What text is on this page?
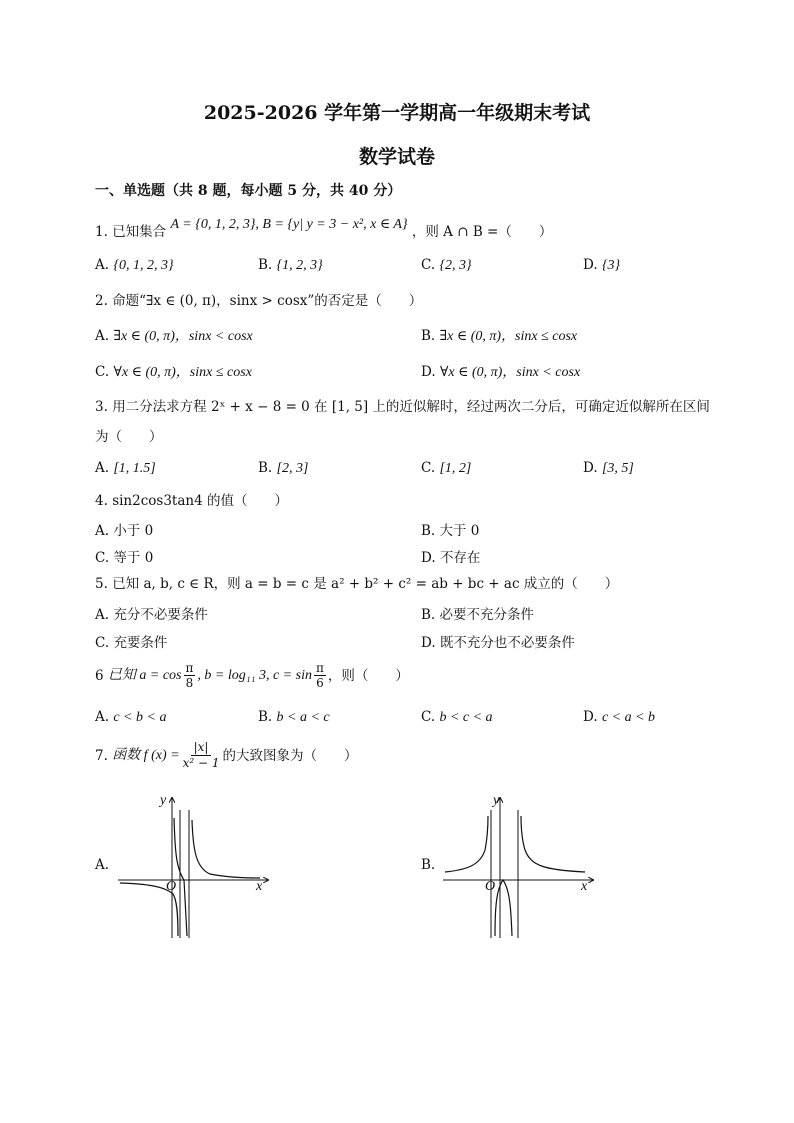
2025-2026 学年第一学期高一年级期末考试
数学试卷
一、单选题（共 8 题，每小题 5 分，共 40 分）
1. 已知集合 A = {0, 1, 2, 3}, B = {y| y = 3 − x², x ∈ A} ，则 A ∩ B =（　　）
A. {0, 1, 2, 3}	B. {1, 2, 3}	C. {2, 3}	D. {3}
2. 命题“∃x ∈ (0, π)，sinx > cosx”的否定是（　　）
A. ∃x ∈ (0, π)，sinx < cosx	B. ∃x ∈ (0, π)，sinx ≤ cosx
C. ∀x ∈ (0, π)，sinx ≤ cosx	D. ∀x ∈ (0, π)，sinx < cosx
3. 用二分法求方程 2ˣ + x − 8 = 0 在 [1, 5] 上的近似解时，经过两次二分后，可确定近似解所在区间
为（　　）
A. [1, 1.5]	B. [2, 3]	C. [1, 2]	D. [3, 5]
4. sin2cos3tan4 的值（　　）
A. 小于 0	B. 大于 0
C. 等于 0	D. 不存在
5. 已知 a, b, c ∈ R，则 a = b = c 是 a² + b² + c² = ab + bc + ac 成立的（　　）
A. 充分不必要条件	B. 必要不充分条件
C. 充要条件	D. 既不充分也不必要条件
6
已知 $a = \cos \frac{\pi}{8}$ , b = log₁₁ 3, $c = \sin \frac{\pi}{6}$ ，则（　　）
A. c < b < a	B. b < a < c	C. b < c < a	D. c < a < b
7.
函数 f $(x) = \frac{|x|}{\text{x² − 1}}$ 的大致图象为（　　）
A.
y
x
O
B.
y
x
O
